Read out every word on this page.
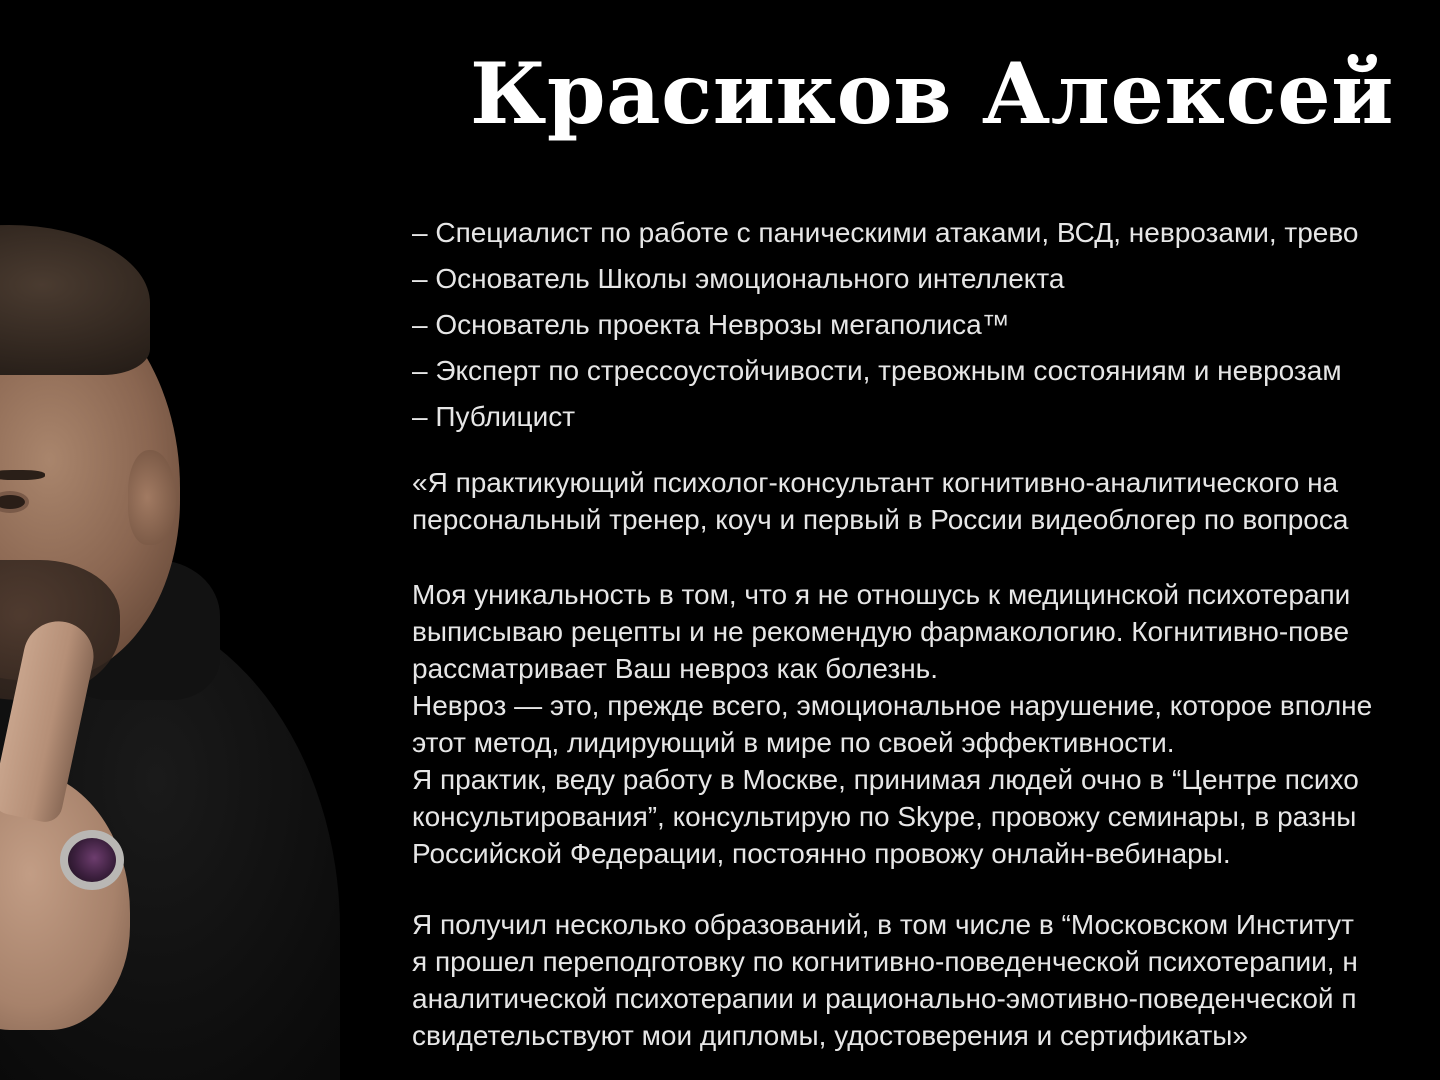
Красиков Алексей
– Специалист по работе с паническими атаками, ВСД, неврозами, трево
– Основатель Школы эмоционального интеллекта
– Основатель проекта Неврозы мегаполиса™
– Эксперт по стрессоустойчивости, тревожным состояниям и неврозам
– Публицист
«Я практикующий психолог-консультант когнитивно-аналитического на
персональный тренер, коуч и первый в России видеоблогер по вопроса
Моя уникальность в том, что я не отношусь к медицинской психотерапи
выписываю рецепты и не рекомендую фармакологию. Когнитивно-пове
рассматривает Ваш невроз как болезнь.
Невроз — это, прежде всего, эмоциональное нарушение, которое вполне
этот метод, лидирующий в мире по своей эффективности.
Я практик, веду работу в Москве, принимая людей очно в “Центре психо
консультирования”, консультирую по Skype, провожу семинары, в разны
Российской Федерации, постоянно провожу онлайн-вебинары.
Я получил несколько образований, в том числе в “Московском Институт
я прошел переподготовку по когнитивно-поведенческой психотерапии, н
аналитической психотерапии и рационально-эмотивно-поведенческой п
свидетельствуют мои дипломы, удостоверения и сертификаты»
